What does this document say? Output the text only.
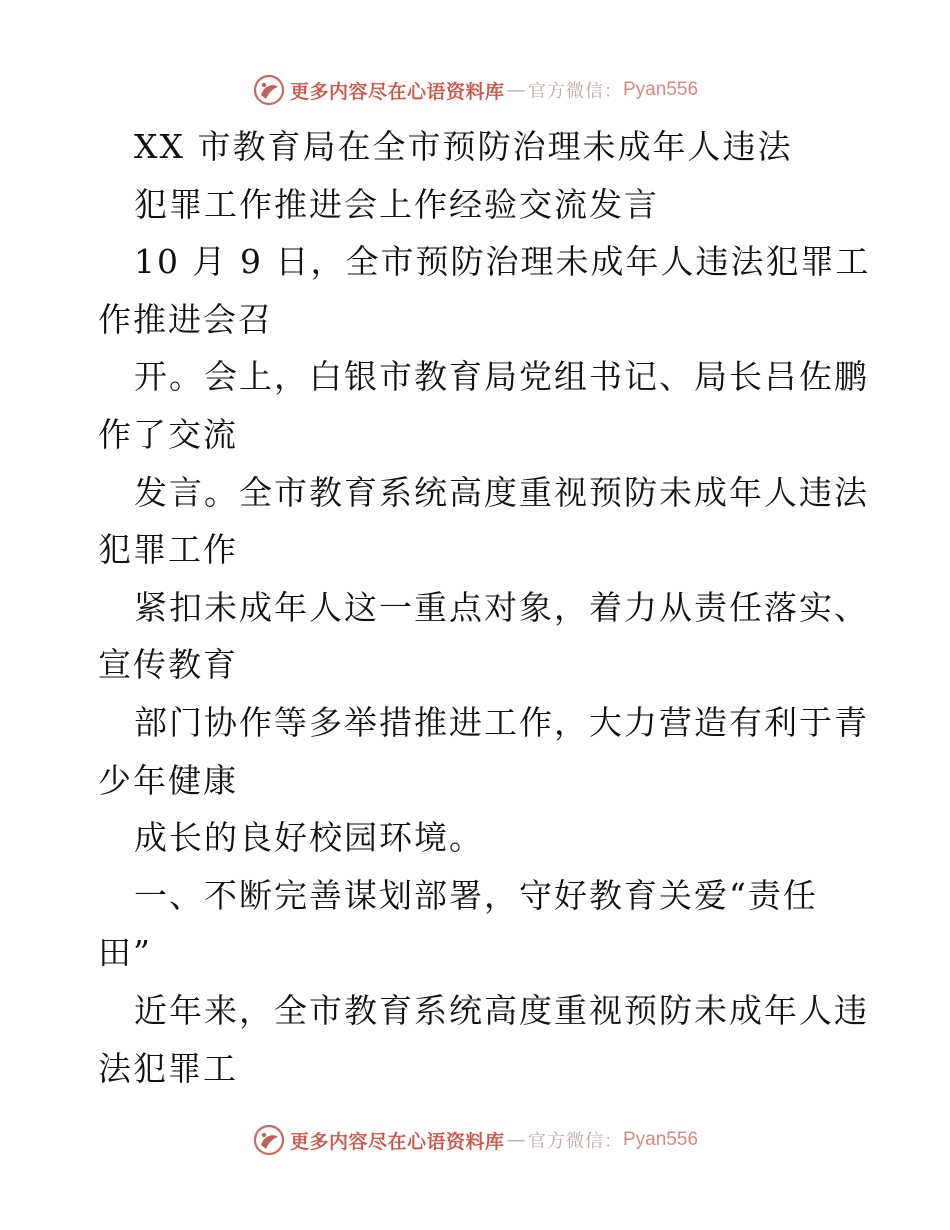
更多内容尽在心语资料库 — 官方微信： Pyan556
XX 市教育局在全市预防治理未成年人违法
犯罪工作推进会上作经验交流发言
10 月 9 日，全市预防治理未成年人违法犯罪工
作推进会召
开。会上，白银市教育局党组书记、局长吕佐鹏
作了交流
发言。全市教育系统高度重视预防未成年人违法
犯罪工作
紧扣未成年人这一重点对象，着力从责任落实、
宣传教育
部门协作等多举措推进工作，大力营造有利于青
少年健康
成长的良好校园环境。
一、不断完善谋划部署，守好教育关爱“责任
田”
近年来，全市教育系统高度重视预防未成年人违
法犯罪工
更多内容尽在心语资料库 — 官方微信： Pyan556
